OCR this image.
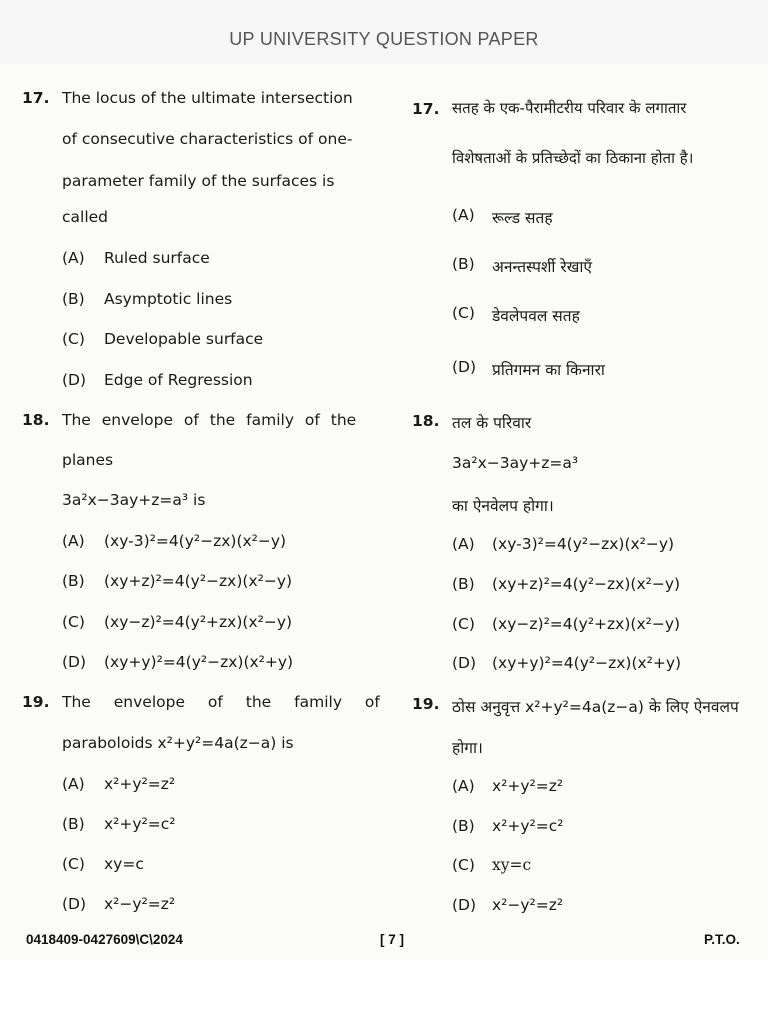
UP UNIVERSITY QUESTION PAPER
17. The locus of the ultimate intersection
of consecutive characteristics of one-
parameter family of the surfaces is
called
(A) Ruled surface
(B) Asymptotic lines
(C) Developable surface
(D) Edge of Regression
18. The envelope of the family of the
planes
3a²x−3ay+z=a³ is
(A) (xy-3)²=4(y²−zx)(x²−y)
(B) (xy+z)²=4(y²−zx)(x²−y)
(C) (xy−z)²=4(y²+zx)(x²−y)
(D) (xy+y)²=4(y²−zx)(x²+y)
19. The envelope of the family of
paraboloids x²+y²=4a(z−a) is
(A) x²+y²=z²
(B) x²+y²=c²
(C) xy=c
(D) x²−y²=z²
17. सतह के एक-पैरामीटरीय परिवार के लगातार
विशेषताओं के प्रतिच्छेदों का ठिकाना होता है।
(A) रूल्ड सतह
(B) अनन्तस्पर्शी रेखाएँ
(C) डेवलेपवल सतह
(D) प्रतिगमन का किनारा
18. तल के परिवार
3a²x−3ay+z=a³
का ऐनवेलप होगा।
(A) (xy-3)²=4(y²−zx)(x²−y)
(B) (xy+z)²=4(y²−zx)(x²−y)
(C) (xy−z)²=4(y²+zx)(x²−y)
(D) (xy+y)²=4(y²−zx)(x²+y)
19. ठोस अनुवृत्त x²+y²=4a(z−a) के लिए ऐनवलप
होगा।
(A) x²+y²=z²
(B) x²+y²=c²
(C) xy=c
(D) x²−y²=z²
0418409-0427609\C\2024	[ 7 ]	P.T.O.
